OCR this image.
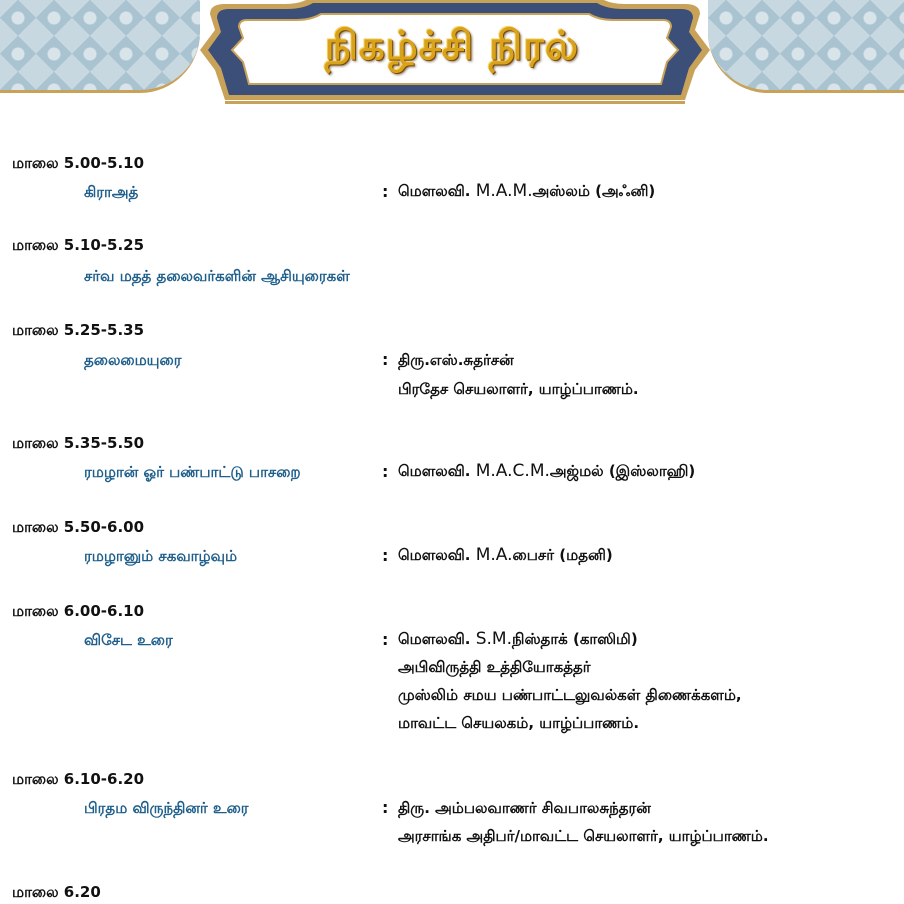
நிகழ்ச்சி நிரல்
மாலை 5.00-5.10
கிராஅத்	: மௌலவி. M.A.M.அஸ்லம் (அஃனி)
மாலை 5.10-5.25
சர்வ மதத் தலைவர்களின் ஆசியுரைகள்
மாலை 5.25-5.35
தலைமையுரை	: திரு.எஸ்.சுதர்சன்
பிரதேச செயலாளர், யாழ்ப்பாணம்.
மாலை 5.35-5.50
ரமழான் ஓர் பண்பாட்டு பாசறை	: மௌலவி. M.A.C.M.அஜ்மல் (இஸ்லாஹி)
மாலை 5.50-6.00
ரமழானும் சகவாழ்வும்	: மௌலவி. M.A.பைசர் (மதனி)
மாலை 6.00-6.10
விசேட உரை	: மௌலவி. S.M.நிஸ்தாக் (காஸிமி)
அபிவிருத்தி உத்தியோகத்தர்
முஸ்லிம் சமய பண்பாட்டலுவல்கள் திணைக்களம்,
மாவட்ட செயலகம், யாழ்ப்பாணம்.
மாலை 6.10-6.20
பிரதம விருந்தினர் உரை	: திரு. அம்பலவாணர் சிவபாலசுந்தரன்
அரசாங்க அதிபர்/மாவட்ட செயலாளர், யாழ்ப்பாணம்.
மாலை 6.20
